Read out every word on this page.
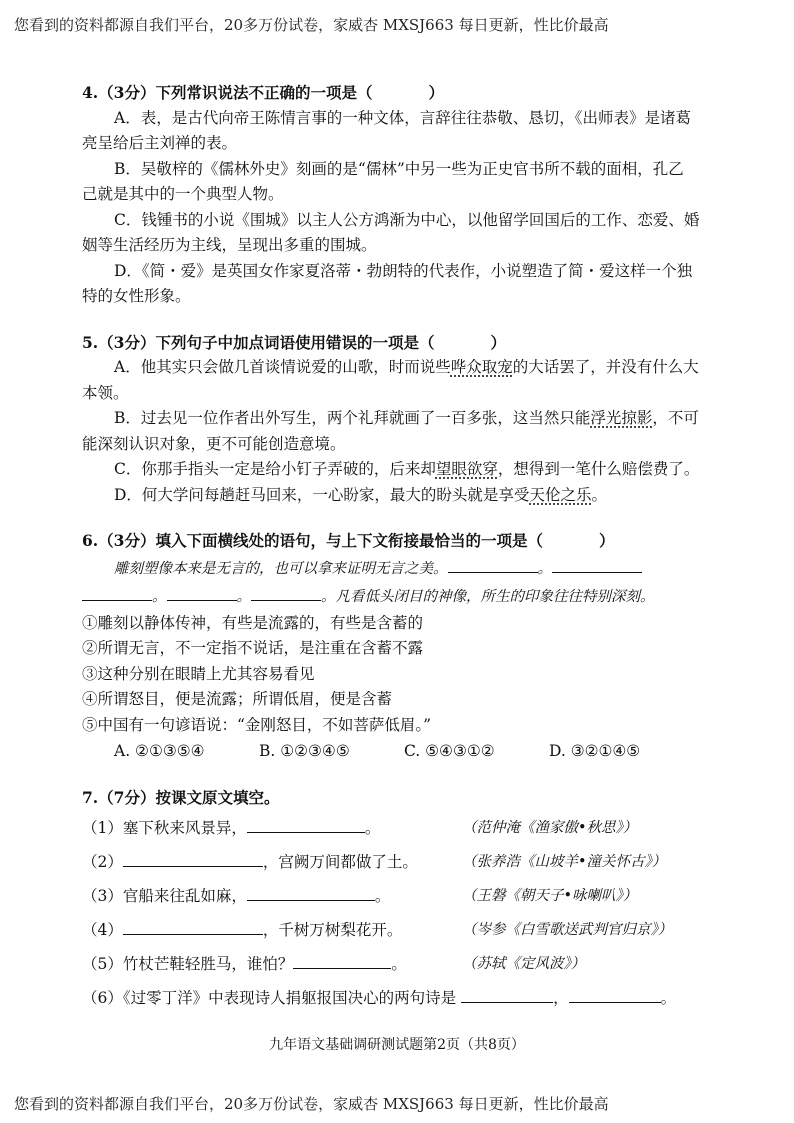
您看到的资料都源自我们平台，20多万份试卷，家威杏 MXSJ663 每日更新，性比价最高
4.（3分）下列常识说法不正确的一项是（	）
A．表，是古代向帝王陈情言事的一种文体，言辞往往恭敬、恳切，《出师表》是诸葛
亮呈给后主刘禅的表。
B．吴敬梓的《儒林外史》刻画的是“儒林”中另一些为正史官书所不载的面相，孔乙
己就是其中的一个典型人物。
C．钱锺书的小说《围城》以主人公方鸿渐为中心，以他留学回国后的工作、恋爱、婚
姻等生活经历为主线，呈现出多重的围城。
D．《简・爱》是英国女作家夏洛蒂・勃朗特的代表作，小说塑造了简・爱这样一个独
特的女性形象。
5.（3分）下列句子中加点词语使用错误的一项是（	）
A．他其实只会做几首谈情说爱的山歌，时而说些哗众取宠的大话罢了，并没有什么大
本领。
B．过去见一位作者出外写生，两个礼拜就画了一百多张，这当然只能浮光掠影，不可
能深刻认识对象，更不可能创造意境。
C．你那手指头一定是给小钉子弄破的，后来却望眼欲穿，想得到一笔什么赔偿费了。
D．何大学问每趟赶马回来，一心盼家，最大的盼头就是享受天伦之乐。
6.（3分）填入下面横线处的语句，与上下文衔接最恰当的一项是（	）
雕刻塑像本来是无言的，也可以拿来证明无言之美。	。
。	。	。凡看低头闭目的神像，所生的印象往往特别深刻。
①雕刻以静体传神，有些是流露的，有些是含蓄的
②所谓无言，不一定指不说话，是注重在含蓄不露
③这种分别在眼睛上尤其容易看见
④所谓怒目，便是流露；所谓低眉，便是含蓄
⑤中国有一句谚语说：“金刚怒目，不如菩萨低眉。”
A. ②①③⑤④	B. ①②③④⑤	C. ⑤④③①②	D. ③②①④⑤
7.（7分）按课文原文填空。
（1）塞下秋来风景异，	。	（范仲淹《渔家傲•秋思》）
（2）	，宫阙万间都做了土。	（张养浩《山坡羊•潼关怀古》）
（3）官船来往乱如麻，	。	（王磐《朝天子•咏喇叭》）
（4）	，千树万树梨花开。	（岑参《白雪歌送武判官归京》）
（5）竹杖芒鞋轻胜马，谁怕？	。	（苏轼《定风波》）
（6）《过零丁洋》中表现诗人捐躯报国决心的两句诗是	，	。
九年语文基础调研测试题第2页（共8页）
您看到的资料都源自我们平台，20多万份试卷，家威杏 MXSJ663 每日更新，性比价最高
